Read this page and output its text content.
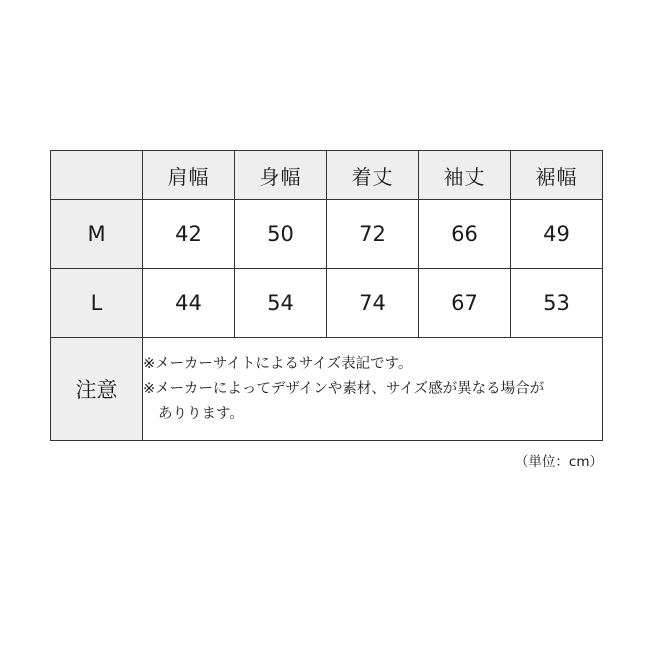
	肩幅	身幅	着丈	袖丈	裾幅
M	42	50	72	66	49
L	44	54	74	67	53
注意	※メーカーサイトによるサイズ表記です。
※メーカーによってデザインや素材、サイズ感が異なる場合が
ありります。				
（単位：cm）
